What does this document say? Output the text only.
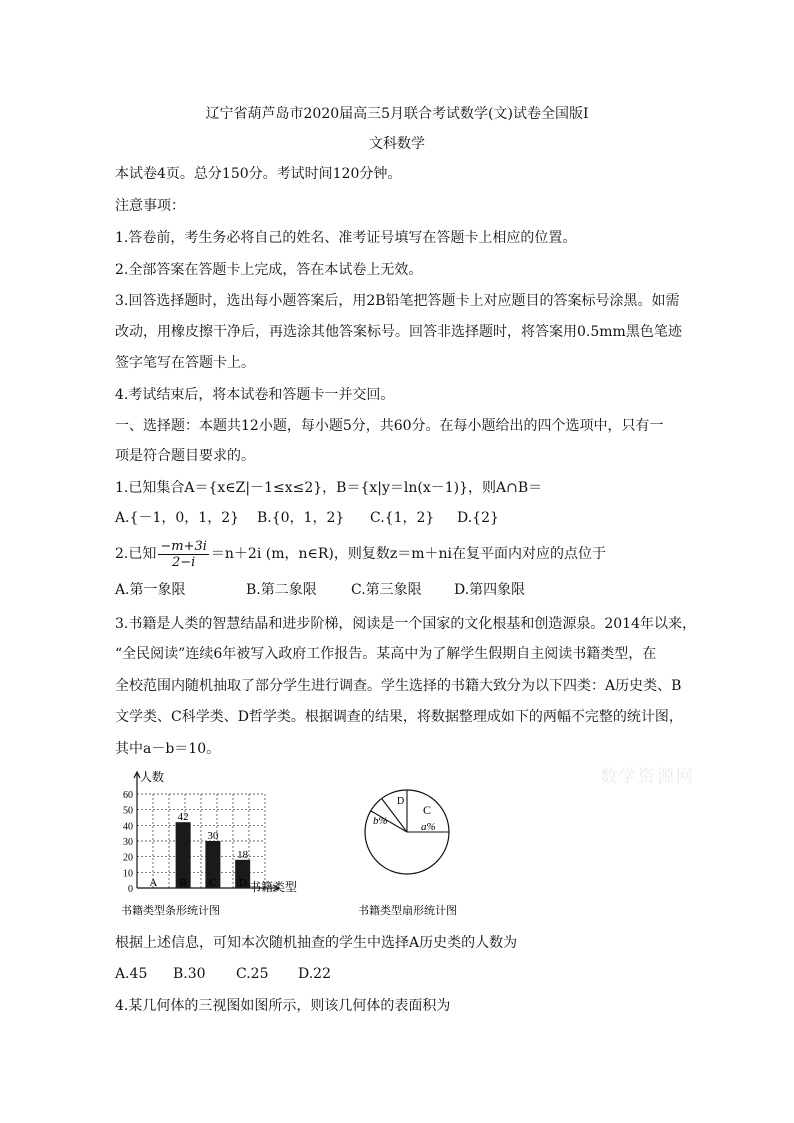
辽宁省葫芦岛市2020届高三5月联合考试数学(文)试卷全国版I
文科数学
本试卷4页。总分150分。考试时间120分钟。
注意事项：
1.答卷前，考生务必将自己的姓名、准考证号填写在答题卡上相应的位置。
2.全部答案在答题卡上完成，答在本试卷上无效。
3.回答选择题时，选出每小题答案后，用2B铅笔把答题卡上对应题目的答案标号涂黑。如需
改动，用橡皮擦干净后，再选涂其他答案标号。回答非选择题时，将答案用0.5mm黑色笔迹
签字笔写在答题卡上。
4.考试结束后，将本试卷和答题卡一并交回。
一、选择题：本题共12小题，每小题5分，共60分。在每小题给出的四个选项中，只有一
项是符合题目要求的。
1.已知集合A＝{x∈Z|－1≤x≤2}，B＝{x|y＝ln(x－1)}，则A∩B＝
A.{－1，0，1，2} B.{0，1，2} C.{1，2} D.{2}
2.已知 $\frac{-m+3i}{2-i} =n+2i$ (m，n∈R)，则复数z＝m＋ni在复平面内对应的点位于
A.第一象限	B.第二象限 C.第三象限 D.第四象限
3.书籍是人类的智慧结晶和进步阶梯，阅读是一个国家的文化根基和创造源泉。2014年以来，
“全民阅读”连续6年被写入政府工作报告。某高中为了解学生假期自主阅读书籍类型，在
全校范围内随机抽取了部分学生进行调查。学生选择的书籍大致分为以下四类：A历史类、B
文学类、C科学类、D哲学类。根据调查的结果，将数据整理成如下的两幅不完整的统计图，
其中a－b＝10。
数学资源网
0
10
20
30
40
50
60
A
42
B
30
C
18
D
人数
书籍类型
书籍类型条形统计图
C
a%
D
b%
书籍类型扇形统计图
根据上述信息，可知本次随机抽查的学生中选择A历史类的人数为
A.45 B.30 C.25 D.22
4.某几何体的三视图如图所示，则该几何体的表面积为
